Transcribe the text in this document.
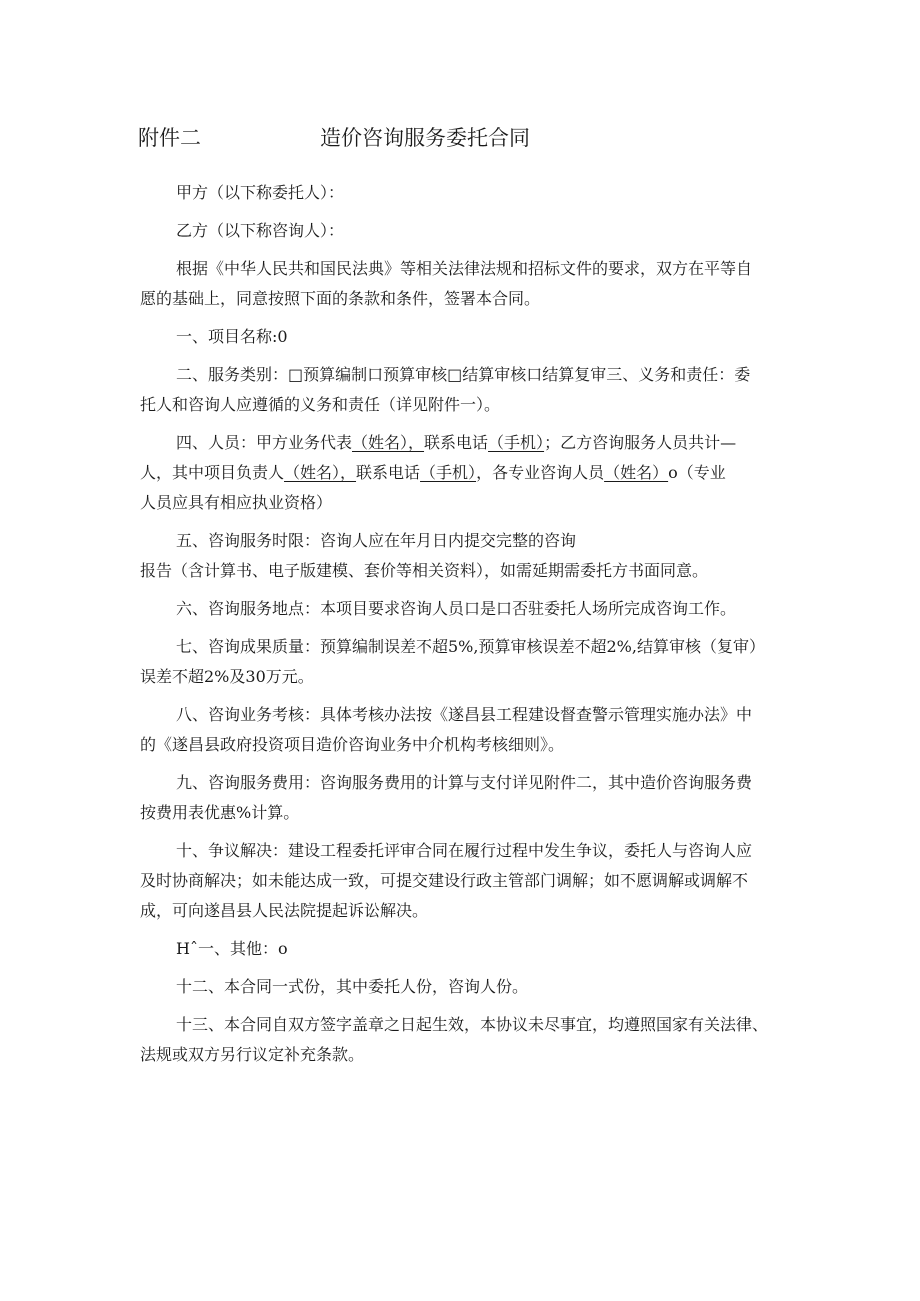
附件二	造价咨询服务委托合同

甲方（以下称委托人）：

乙方（以下称咨询人）：

根据《中华人民共和国民法典》等相关法律法规和招标文件的要求，双方在平等自
愿的基础上，同意按照下面的条款和条件，签署本合同。

一、项目名称:0

二、服务类别：□预算编制口预算审核□结算审核口结算复审三、义务和责任：委
托人和咨询人应遵循的义务和责任（详见附件一）。

四、人员：甲方业务代表（姓名），联系电话（手机）；乙方咨询服务人员共计—
人，其中项目负责人（姓名），联系电话（手机），各专业咨询人员（姓名）o（专业
人员应具有相应执业资格）

五、咨询服务时限：咨询人应在年月日内提交完整的咨询
报告（含计算书、电子版建模、套价等相关资料），如需延期需委托方书面同意。

六、咨询服务地点：本项目要求咨询人员口是口否驻委托人场所完成咨询工作。

七、咨询成果质量：预算编制误差不超5%,预算审核误差不超2%,结算审核（复审）
误差不超2%及30万元。

八、咨询业务考核：具体考核办法按《遂昌县工程建设督查警示管理实施办法》中
的《遂昌县政府投资项目造价咨询业务中介机构考核细则》。

九、咨询服务费用：咨询服务费用的计算与支付详见附件二，其中造价咨询服务费
按费用表优惠%计算。

十、争议解决：建设工程委托评审合同在履行过程中发生争议，委托人与咨询人应
及时协商解决；如未能达成一致，可提交建设行政主管部门调解；如不愿调解或调解不
成，可向遂昌县人民法院提起诉讼解决。

Hˆ一、其他：o

十二、本合同一式份，其中委托人份，咨询人份。

十三、本合同自双方签字盖章之日起生效，本协议未尽事宜，均遵照国家有关法律、
法规或双方另行议定补充条款。
